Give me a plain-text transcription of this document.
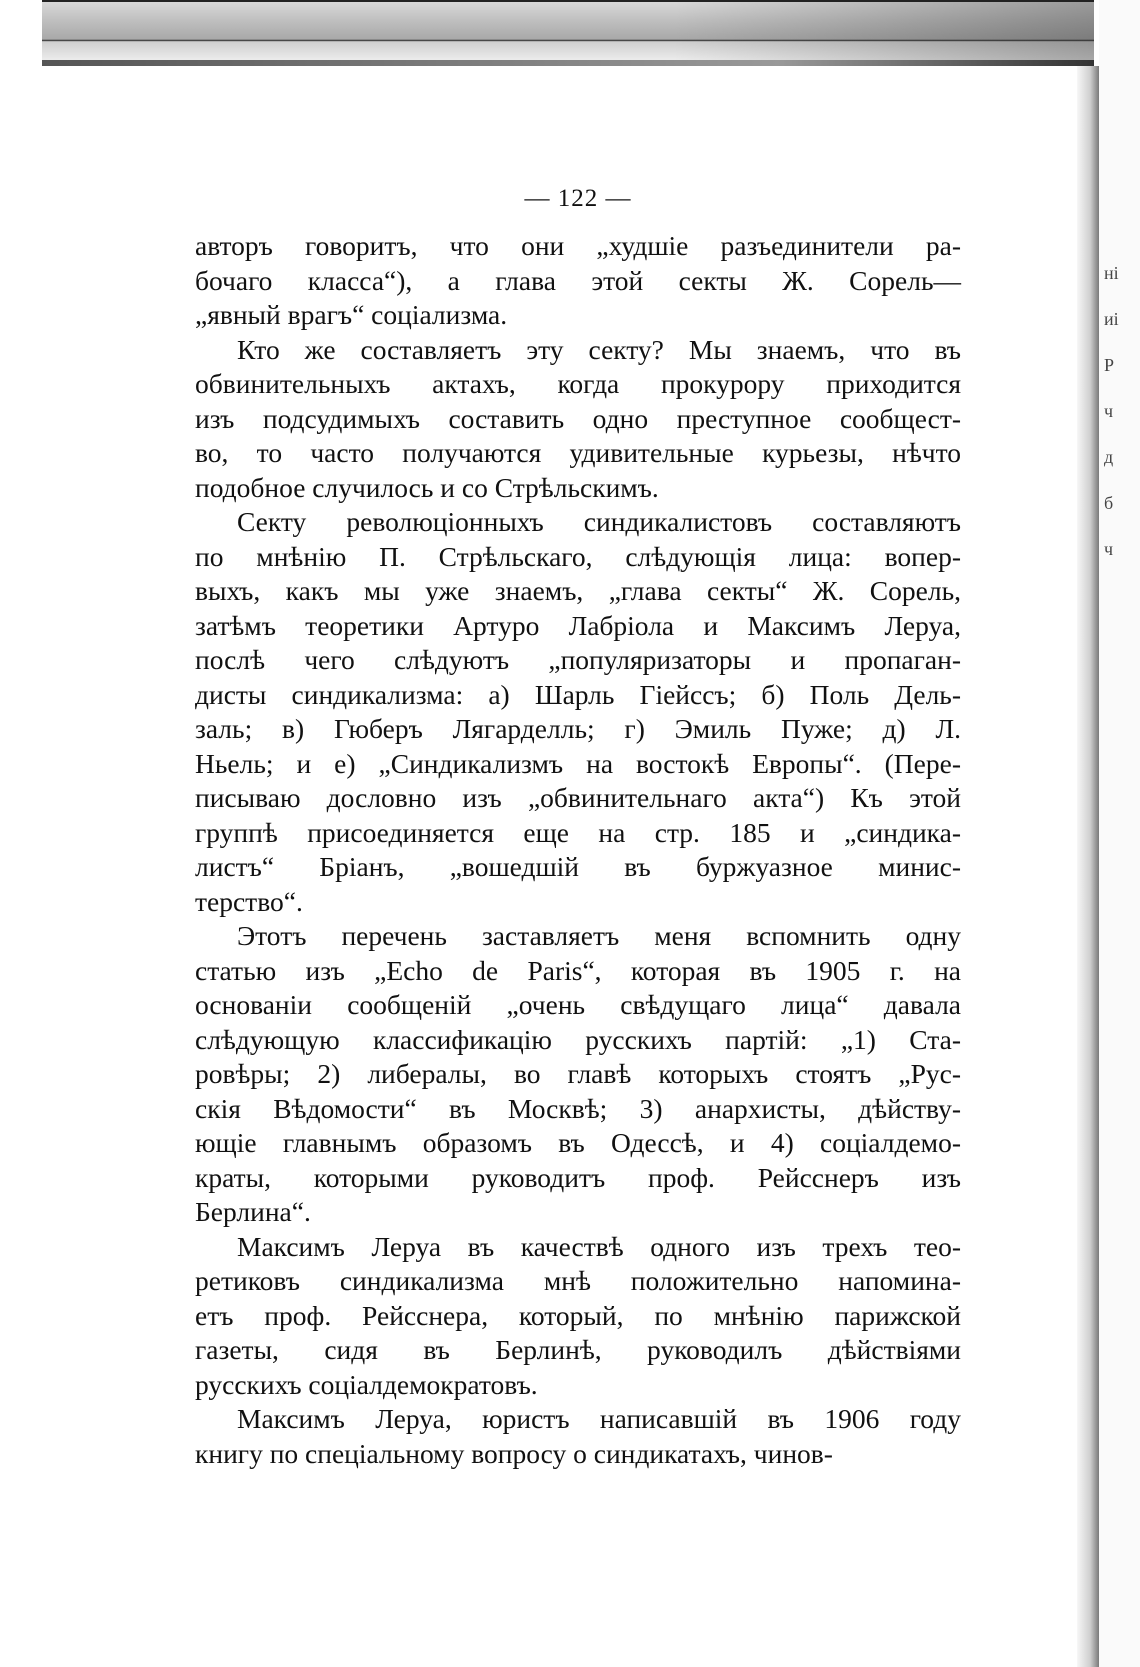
ні
иі
Р
ч
д
б
ч
— 122 —

авторъ говоритъ, что они „худшіе разъединители ра-
бочаго класса“), а глава этой секты Ж. Сорель—
„явный врагъ“ соціализма.

Кто же составляетъ эту секту? Мы знаемъ, что въ
обвинительныхъ актахъ, когда прокурору приходится
изъ подсудимыхъ составить одно преступное сообщест-
во, то часто получаются удивительные курьезы, нѣчто
подобное случилось и со Стрѣльскимъ.

Секту революціонныхъ синдикалистовъ составляютъ
по мнѣнію П. Стрѣльскаго, слѣдующія лица: вопер-
выхъ, какъ мы уже знаемъ, „глава секты“ Ж. Сорель,
затѣмъ теоретики Артуро Лабріола и Максимъ Леруа,
послѣ чего слѣдуютъ „популяризаторы и пропаган-
дисты синдикализма: а) Шарль Гіейссъ; б) Поль Дель-
заль; в) Гюберъ Лягарделль; г) Эмиль Пуже; д) Л.
Ньель; и е) „Синдикализмъ на востокѣ Европы“. (Пере-
писываю дословно изъ „обвинительнаго акта“) Къ этой
группѣ присоединяется еще на стр. 185 и „синдика-
листъ“ Бріанъ, „вошедшій въ буржуазное минис-
терство“.

Этотъ перечень заставляетъ меня вспомнить одну
статью изъ „Echo de Paris“, которая въ 1905 г. на
основаніи сообщеній „очень свѣдущаго лица“ давала
слѣдующую классификацію русскихъ партій: „1) Ста-
ровѣры; 2) либералы, во главѣ которыхъ стоятъ „Рус-
скія Вѣдомости“ въ Москвѣ; 3) анархисты, дѣйству-
ющіе главнымъ образомъ въ Одессѣ, и 4) соціалдемо-
краты, которыми руководитъ проф. Рейсснеръ изъ
Берлина“.

Максимъ Леруа въ качествѣ одного изъ трехъ тео-
ретиковъ синдикализма мнѣ положительно напомина-
етъ проф. Рейсснера, который, по мнѣнію парижской
газеты, сидя въ Берлинѣ, руководилъ дѣйствіями
русскихъ соціалдемократовъ.

Максимъ Леруа, юристъ написавшій въ 1906 году
книгу по спеціальному вопросу о синдикатахъ, чинов-
